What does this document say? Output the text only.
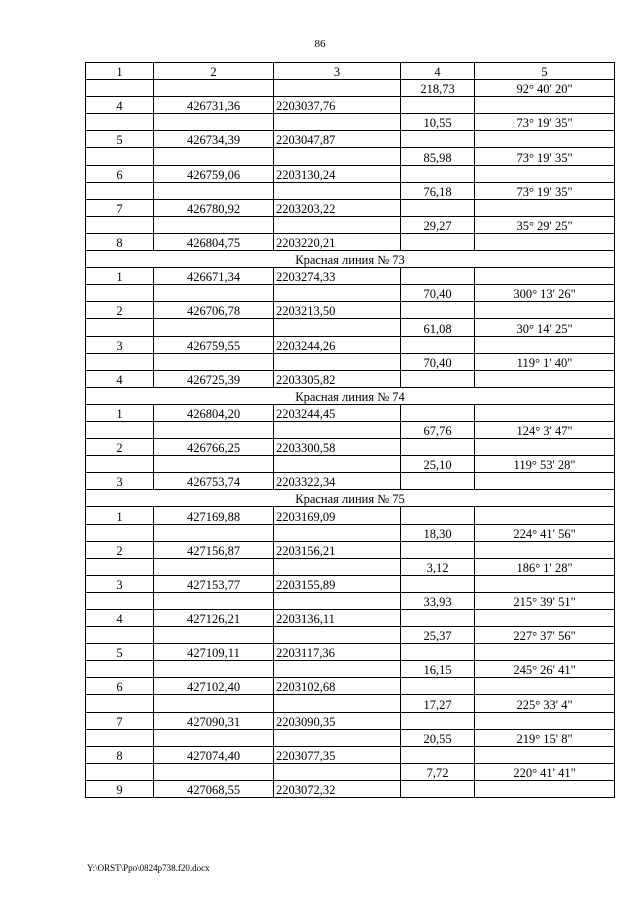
86
1	2	3	4	5
			218,73	92° 40' 20"
4	426731,36	2203037,76		
			10,55	73° 19' 35"
5	426734,39	2203047,87		
			85,98	73° 19' 35"
6	426759,06	2203130,24		
			76,18	73° 19' 35"
7	426780,92	2203203,22		
			29,27	35° 29' 25"
8	426804,75	2203220,21		
Красная линия № 73				
1	426671,34	2203274,33		
			70,40	300° 13' 26"
2	426706,78	2203213,50		
			61,08	30° 14' 25"
3	426759,55	2203244,26		
			70,40	119° 1' 40"
4	426725,39	2203305,82		
Красная линия № 74				
1	426804,20	2203244,45		
			67,76	124° 3' 47"
2	426766,25	2203300,58		
			25,10	119° 53' 28"
3	426753,74	2203322,34		
Красная линия № 75				
1	427169,88	2203169,09		
			18,30	224° 41' 56"
2	427156,87	2203156,21		
			3,12	186° 1' 28"
3	427153,77	2203155,89		
			33,93	215° 39' 51"
4	427126,21	2203136,11		
			25,37	227° 37' 56"
5	427109,11	2203117,36		
			16,15	245° 26' 41"
6	427102,40	2203102,68		
			17,27	225° 33' 4"
7	427090,31	2203090,35		
			20,55	219° 15' 8"
8	427074,40	2203077,35		
			7,72	220° 41' 41"
9	427068,55	2203072,32		
Y:\ORST\Ppo\0824p738.f20.docx
